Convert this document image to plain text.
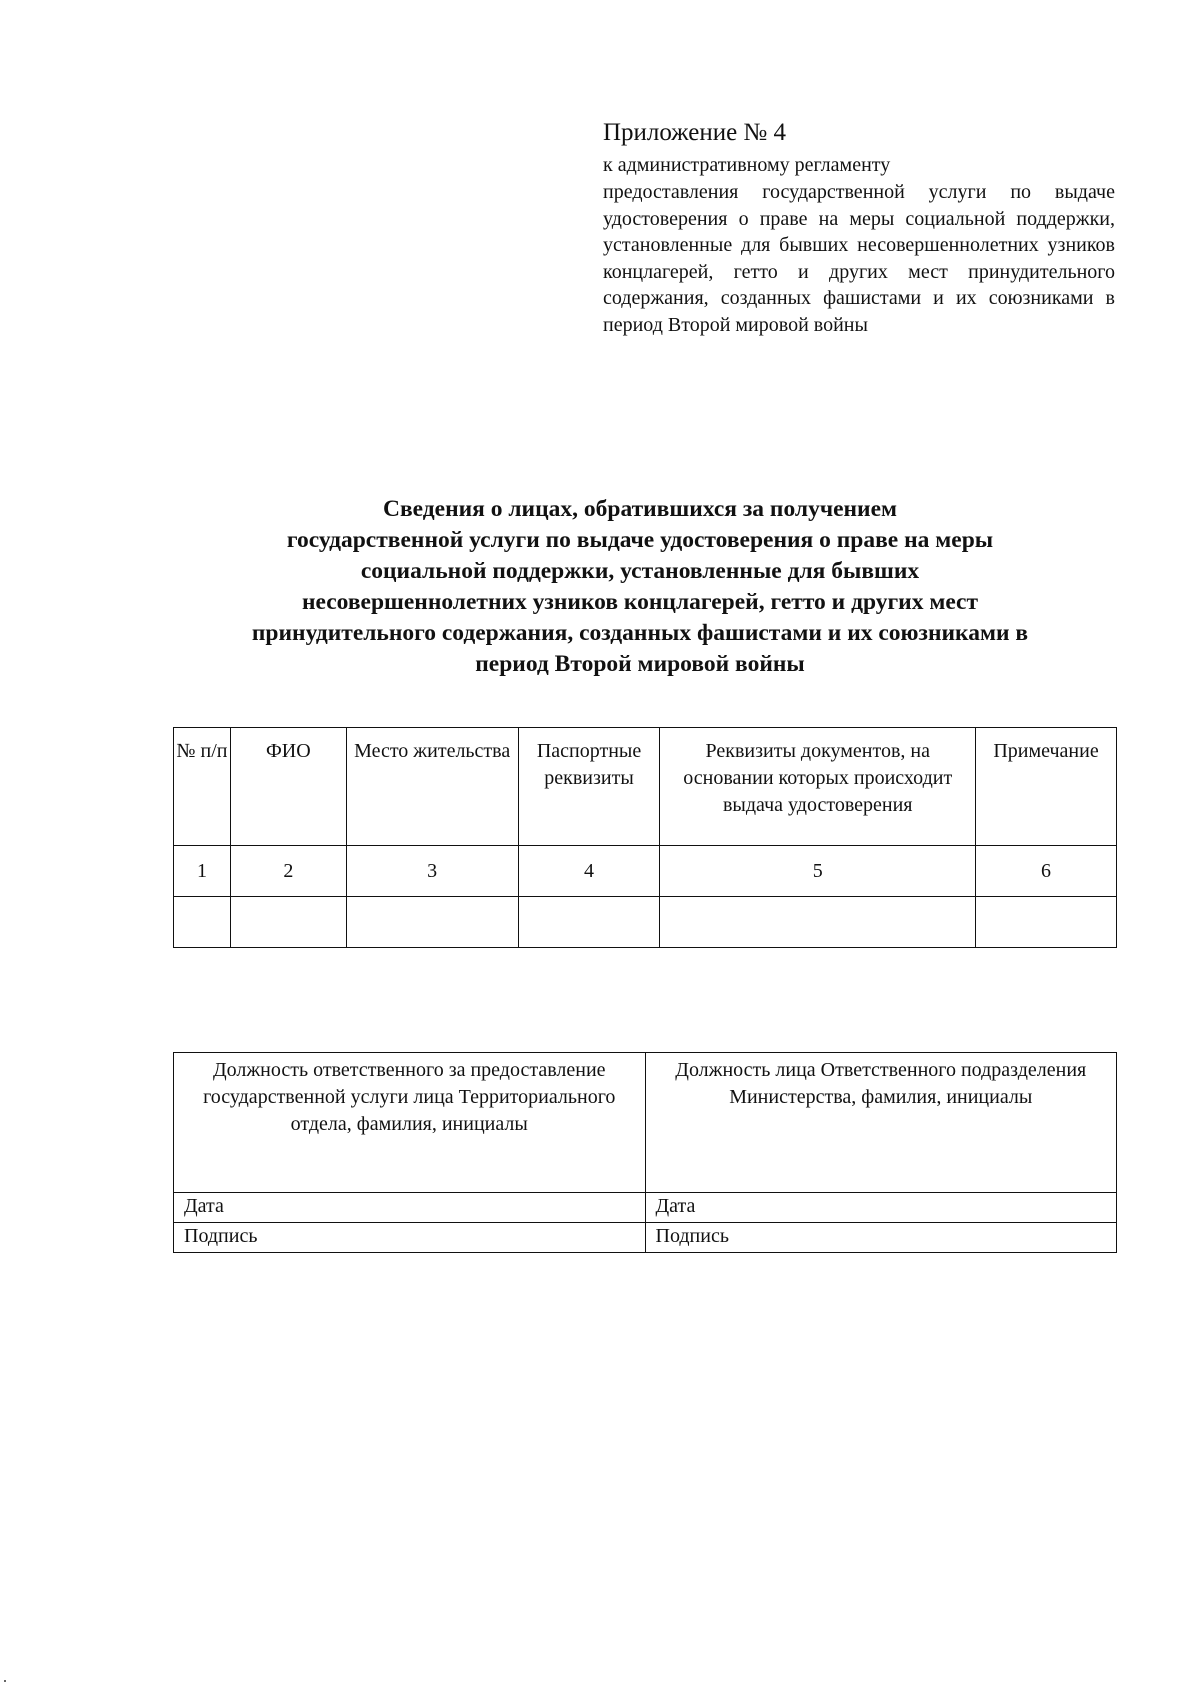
Приложение № 4
к административному регламенту
предоставления государственной услуги по выдаче удостоверения о праве на меры социальной поддержки, установленные для бывших несовершеннолетних узников концлагерей, гетто и других мест принудительного содержания, созданных фашистами и их союзниками в период Второй мировой войны
Сведения о лицах, обратившихся за получением
государственной услуги по выдаче удостоверения о праве на меры
социальной поддержки, установленные для бывших
несовершеннолетних узников концлагерей, гетто и других мест
принудительного содержания, созданных фашистами и их союзниками в
период Второй мировой войны
№ п/п	ФИО	Место жительства	Паспортные реквизиты	Реквизиты документов, на основании которых происходит выдача удостоверения	Примечание
1	2	3	4	5	6

Должность ответственного за предоставление государственной услуги лица Территориального отдела, фамилия, инициалы	Должность лица Ответственного подразделения Министерства, фамилия, инициалы
Дата	Дата
Подпись	Подпись
